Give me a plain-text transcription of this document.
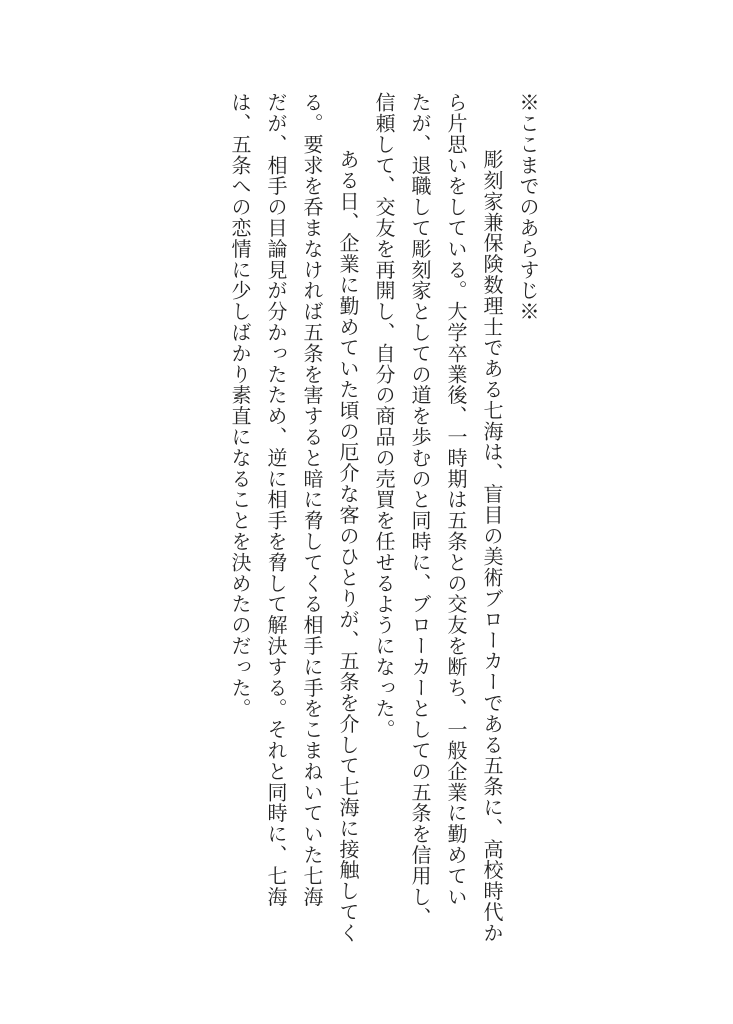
※ここまでのあらすじ※
彫刻家兼保険数理士である七海は、盲目の美術ブローカーである五条に、高校時代か
ら片思いをしている。大学卒業後、一時期は五条との交友を断ち、一般企業に勤めてい
たが、退職して彫刻家としての道を歩むのと同時に、ブローカーとしての五条を信用し、
信頼して、交友を再開し、自分の商品の売買を任せるようになった。
ある日、企業に勤めていた頃の厄介な客のひとりが、五条を介して七海に接触してく
る。要求を呑まなければ五条を害すると暗に脅してくる相手に手をこまねいていた七海
だが、相手の目論見が分かったため、逆に相手を脅して解決する。それと同時に、七海
は、五条への恋情に少しばかり素直になることを決めたのだった。
